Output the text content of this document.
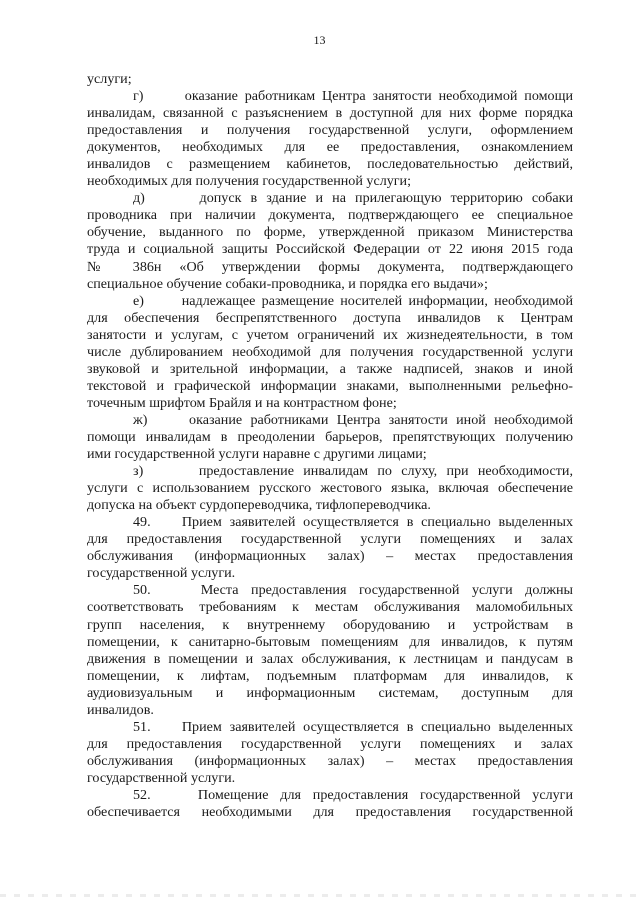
13
услуги;
г)      оказание работникам Центра занятости необходимой помощи
инвалидам, связанной с разъяснением в доступной для них форме порядка
предоставления и получения государственной услуги, оформлением
документов, необходимых для ее предоставления, ознакомлением
инвалидов с размещением кабинетов, последовательностью действий,
необходимых для получения государственной услуги;
д)      допуск в здание и на прилегающую территорию собаки
проводника при наличии документа, подтверждающего ее специальное
обучение, выданного по форме, утвержденной приказом Министерства
труда и социальной защиты Российской Федерации от 22 июня 2015 года
№ 386н «Об утверждении формы документа, подтверждающего
специальное обучение собаки-проводника, и порядка его выдачи»;
е)      надлежащее размещение носителей информации, необходимой
для обеспечения беспрепятственного доступа инвалидов к Центрам
занятости и услугам, с учетом ограничений их жизнедеятельности, в том
числе дублированием необходимой для получения государственной услуги
звуковой и зрительной информации, а также надписей, знаков и иной
текстовой и графической информации знаками, выполненными рельефно-
точечным шрифтом Брайля и на контрастном фоне;
ж)     оказание работниками Центра занятости иной необходимой
помощи инвалидам в преодолении барьеров, препятствующих получению
ими государственной услуги наравне с другими лицами;
з)      предоставление инвалидам по слуху, при необходимости,
услуги с использованием русского жестового языка, включая обеспечение
допуска на объект сурдопереводчика, тифлопереводчика.
49.    Прием заявителей осуществляется в специально выделенных
для предоставления государственной услуги помещениях и залах
обслуживания (информационных залах) – местах предоставления
государственной услуги.
50.    Места предоставления государственной услуги должны
соответствовать требованиям к местам обслуживания маломобильных
групп населения, к внутреннему оборудованию и устройствам в
помещении, к санитарно-бытовым помещениям для инвалидов, к путям
движения в помещении и залах обслуживания, к лестницам и пандусам в
помещении, к лифтам, подъемным платформам для инвалидов, к
аудиовизуальным и информационным системам, доступным для
инвалидов.
51.    Прием заявителей осуществляется в специально выделенных
для предоставления государственной услуги помещениях и залах
обслуживания (информационных залах) – местах предоставления
государственной услуги.
52.    Помещение для предоставления государственной услуги
обеспечивается необходимыми для предоставления государственной
